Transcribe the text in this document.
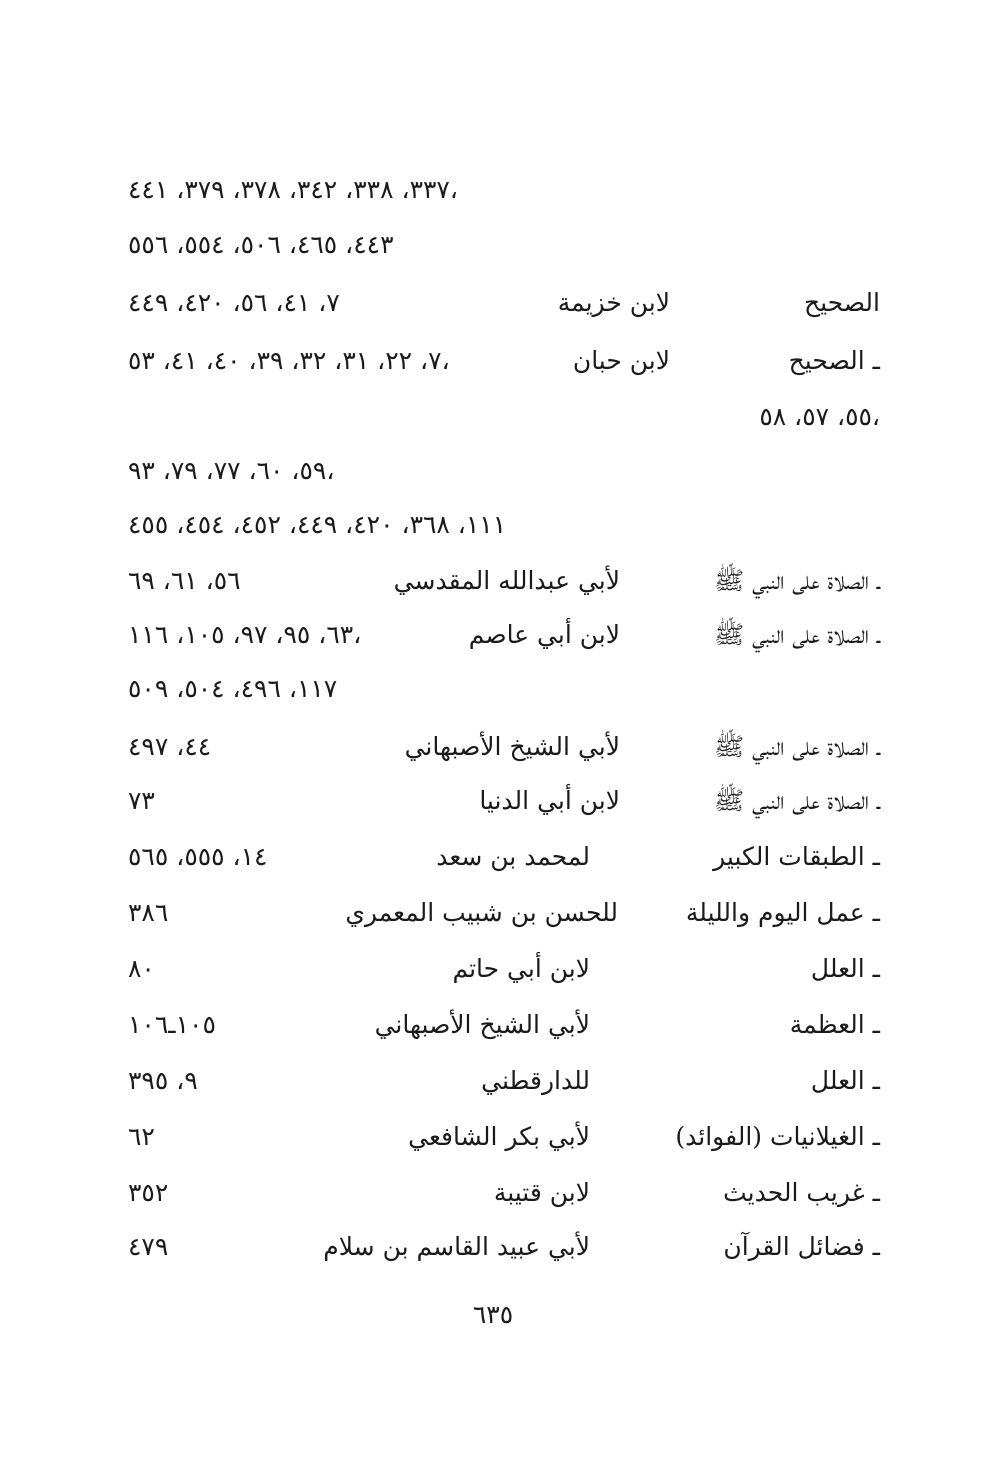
٣٣٧، ٣٣٨، ٣٤٢، ٣٧٨، ٣٧٩، ٤٤١،
٤٤٣، ٤٦٥، ٥٠٦، ٥٥٤، ٥٥٦
الصحيح
لابن خزيمة
٧، ٤١، ٥٦، ٤٢٠، ٤٤٩
ـ الصحيح
لابن حبان
٧، ٢٢، ٣١، ٣٢، ٣٩، ٤٠، ٤١، ٥٣،
٥٥، ٥٧، ٥٨،
٥٩، ٦٠، ٧٧، ٧٩، ٩٣،
١١١، ٣٦٨، ٤٢٠، ٤٤٩، ٤٥٢، ٤٥٤، ٤٥٥
ـ الصلاة على النبي ﷺ
لأبي عبدالله المقدسي
٥٦، ٦١، ٦٩
ـ الصلاة على النبي ﷺ
لابن أبي عاصم
٦٣، ٩٥، ٩٧، ١٠٥، ١١٦،
١١٧، ٤٩٦، ٥٠٤، ٥٠٩
ـ الصلاة على النبي ﷺ
لأبي الشيخ الأصبهاني
٤٤، ٤٩٧
ـ الصلاة على النبي ﷺ
لابن أبي الدنيا
٧٣
ـ الطبقات الكبير
لمحمد بن سعد
١٤، ٥٥٥، ٥٦٥
ـ عمل اليوم والليلة
للحسن بن شبيب المعمري
٣٨٦
ـ العلل
لابن أبي حاتم
٨٠
ـ العظمة
لأبي الشيخ الأصبهاني
١٠٥ـ١٠٦
ـ العلل
للدارقطني
٩، ٣٩٥
ـ الغيلانيات (الفوائد)
لأبي بكر الشافعي
٦٢
ـ غريب الحديث
لابن قتيبة
٣٥٢
ـ فضائل القرآن
لأبي عبيد القاسم بن سلام
٤٧٩
٦٣٥
